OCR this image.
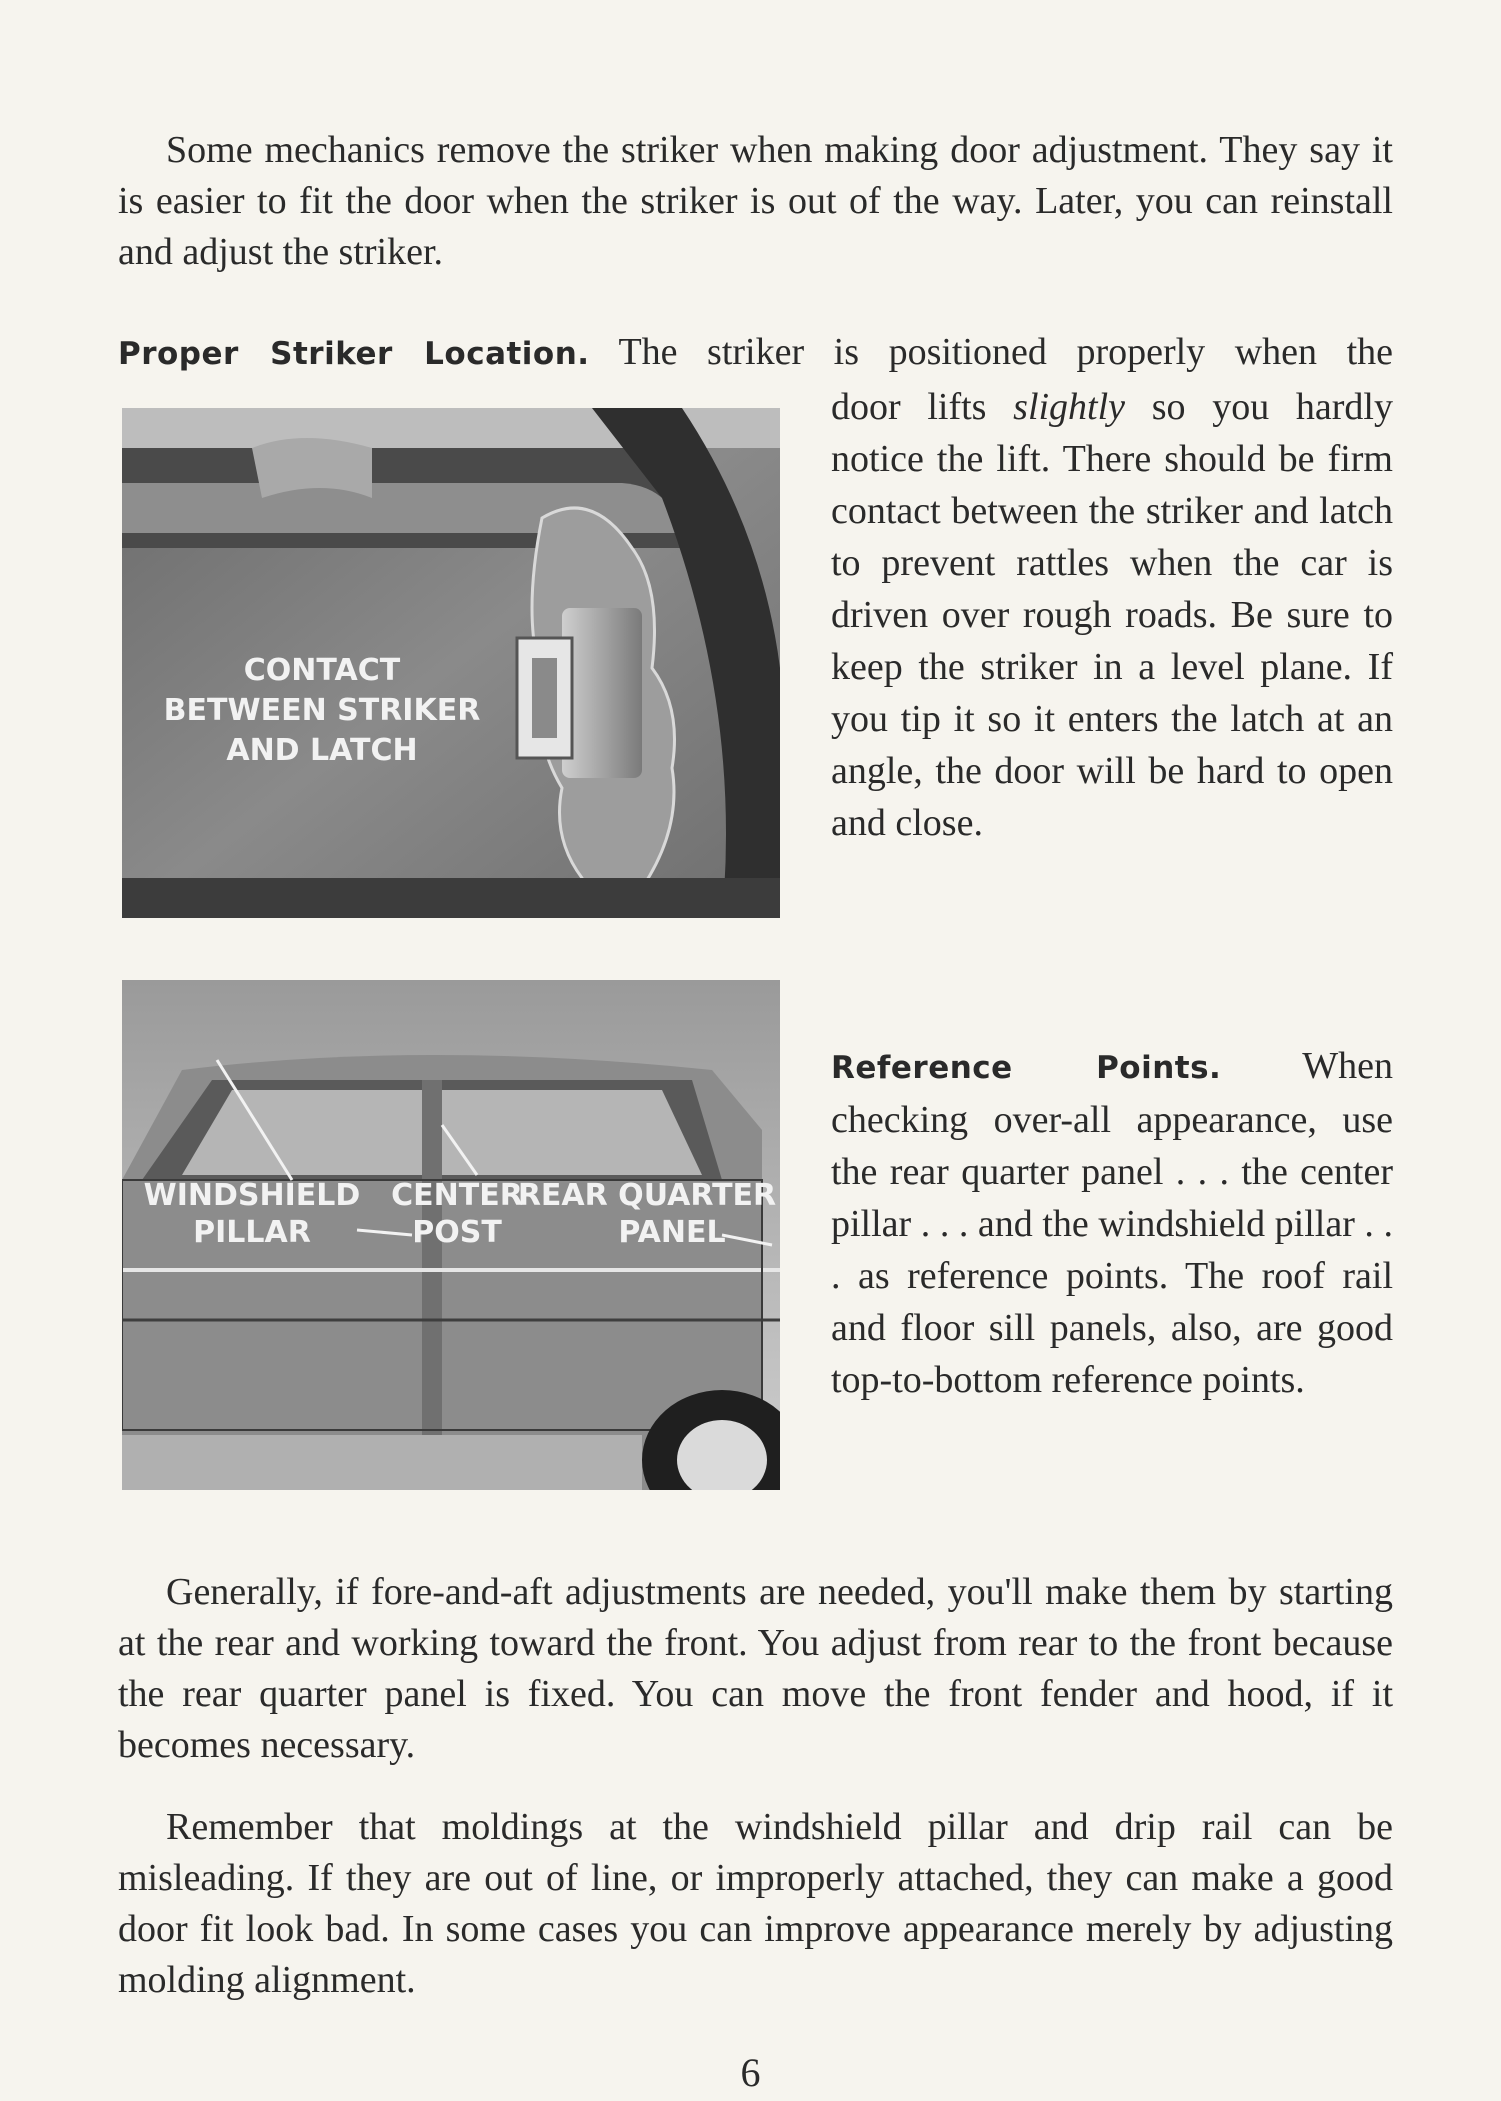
Some mechanics remove the striker when making door adjustment. They say it is easier to fit the door when the striker is out of the way. Later, you can reinstall and adjust the striker.

Proper Striker Location. The striker is positioned properly when the

CONTACT
BETWEEN STRIKER
AND LATCH

door lifts slightly so you hardly notice the lift. There should be firm contact between the striker and latch to prevent rattles when the car is driven over rough roads. Be sure to keep the striker in a level plane. If you tip it so it enters the latch at an angle, the door will be hard to open and close.

WINDSHIELD
PILLAR
CENTER
POST
REAR QUARTER
PANEL

Reference Points. When checking over-all appearance, use the rear quarter panel . . . the center pillar . . . and the windshield pillar . . . as reference points. The roof rail and floor sill panels, also, are good top-to-bottom reference points.

Generally, if fore-and-aft adjustments are needed, you'll make them by starting at the rear and working toward the front. You adjust from rear to the front because the rear quarter panel is fixed. You can move the front fender and hood, if it becomes necessary.

Remember that moldings at the windshield pillar and drip rail can be misleading. If they are out of line, or improperly attached, they can make a good door fit look bad. In some cases you can improve appearance merely by adjusting molding alignment.

6
